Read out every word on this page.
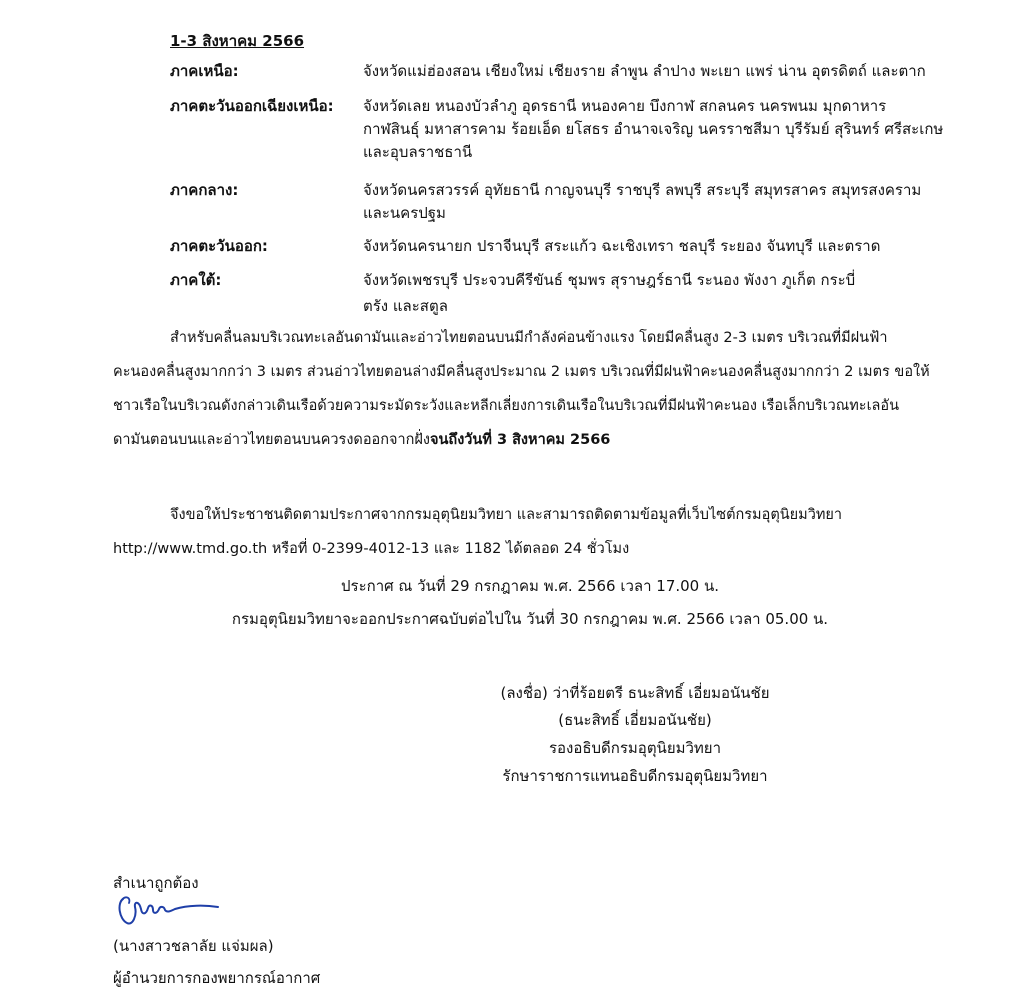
1-3 สิงหาคม 2566
ภาคเหนือ:	จังหวัดแม่ฮ่องสอน เชียงใหม่ เชียงราย ลำพูน ลำปาง พะเยา แพร่ น่าน อุตรดิตถ์ และตาก
ภาคตะวันออกเฉียงเหนือ: จังหวัดเลย หนองบัวลำภู อุดรธานี หนองคาย บึงกาฬ สกลนคร นครพนม มุกดาหาร
กาฬสินธุ์ มหาสารคาม ร้อยเอ็ด ยโสธร อำนาจเจริญ นครราชสีมา บุรีรัมย์ สุรินทร์ ศรีสะเกษ
และอุบลราชธานี
ภาคกลาง:	จังหวัดนครสวรรค์ อุทัยธานี กาญจนบุรี ราชบุรี ลพบุรี สระบุรี สมุทรสาคร สมุทรสงคราม
และนครปฐม
ภาคตะวันออก:	จังหวัดนครนายก ปราจีนบุรี สระแก้ว ฉะเชิงเทรา ชลบุรี ระยอง จันทบุรี และตราด
ภาคใต้:	จังหวัดเพชรบุรี ประจวบคีรีขันธ์ ชุมพร สุราษฎร์ธานี ระนอง พังงา ภูเก็ต กระบี่
ตรัง และสตูล
สำหรับคลื่นลมบริเวณทะเลอันดามันและอ่าวไทยตอนบนมีกำลังค่อนข้างแรง โดยมีคลื่นสูง 2-3 เมตร บริเวณที่มีฝนฟ้า
คะนองคลื่นสูงมากกว่า 3 เมตร ส่วนอ่าวไทยตอนล่างมีคลื่นสูงประมาณ 2 เมตร บริเวณที่มีฝนฟ้าคะนองคลื่นสูงมากกว่า 2 เมตร ขอให้
ชาวเรือในบริเวณดังกล่าวเดินเรือด้วยความระมัดระวังและหลีกเลี่ยงการเดินเรือในบริเวณที่มีฝนฟ้าคะนอง เรือเล็กบริเวณทะเลอัน
ดามันตอนบนและอ่าวไทยตอนบนควรงดออกจากฝั่งจนถึงวันที่ 3 สิงหาคม 2566
จึงขอให้ประชาชนติดตามประกาศจากกรมอุตุนิยมวิทยา และสามารถติดตามข้อมูลที่เว็บไซต์กรมอุตุนิยมวิทยา
http://www.tmd.go.th หรือที่ 0-2399-4012-13 และ 1182 ได้ตลอด 24 ชั่วโมง
ประกาศ ณ วันที่ 29 กรกฎาคม พ.ศ. 2566 เวลา 17.00 น.
กรมอุตุนิยมวิทยาจะออกประกาศฉบับต่อไปใน วันที่ 30 กรกฎาคม พ.ศ. 2566 เวลา 05.00 น.
(ลงชื่อ) ว่าที่ร้อยตรี ธนะสิทธิ์ เอี่ยมอนันชัย
(ธนะสิทธิ์ เอี่ยมอนันชัย)
รองอธิบดีกรมอุตุนิยมวิทยา
รักษาราชการแทนอธิบดีกรมอุตุนิยมวิทยา
สำเนาถูกต้อง
(นางสาวชลาลัย แจ่มผล)
ผู้อำนวยการกองพยากรณ์อากาศ
